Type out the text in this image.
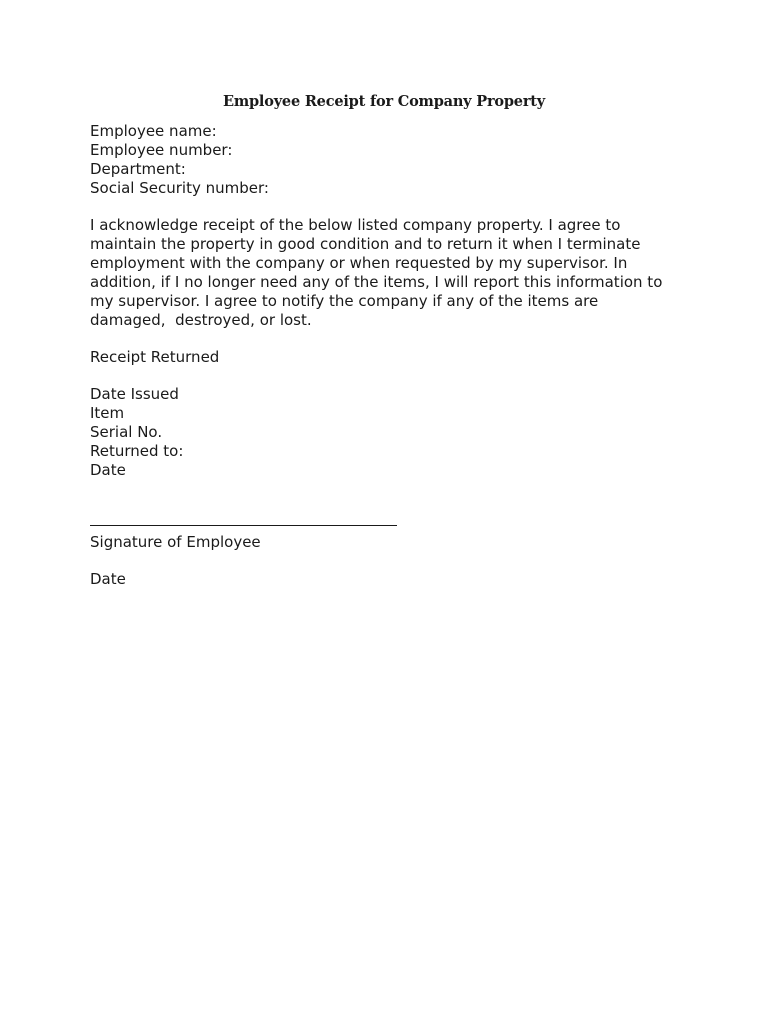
Employee Receipt for Company Property
Employee name:
Employee number:
Department:
Social Security number:
I acknowledge receipt of the below listed company property. I agree to
maintain the property in good condition and to return it when I terminate
employment with the company or when requested by my supervisor. In
addition, if I no longer need any of the items, I will report this information to
my supervisor. I agree to notify the company if any of the items are
damaged,  destroyed, or lost.
Receipt Returned
Date Issued
Item
Serial No.
Returned to:
Date
Signature of Employee
Date
